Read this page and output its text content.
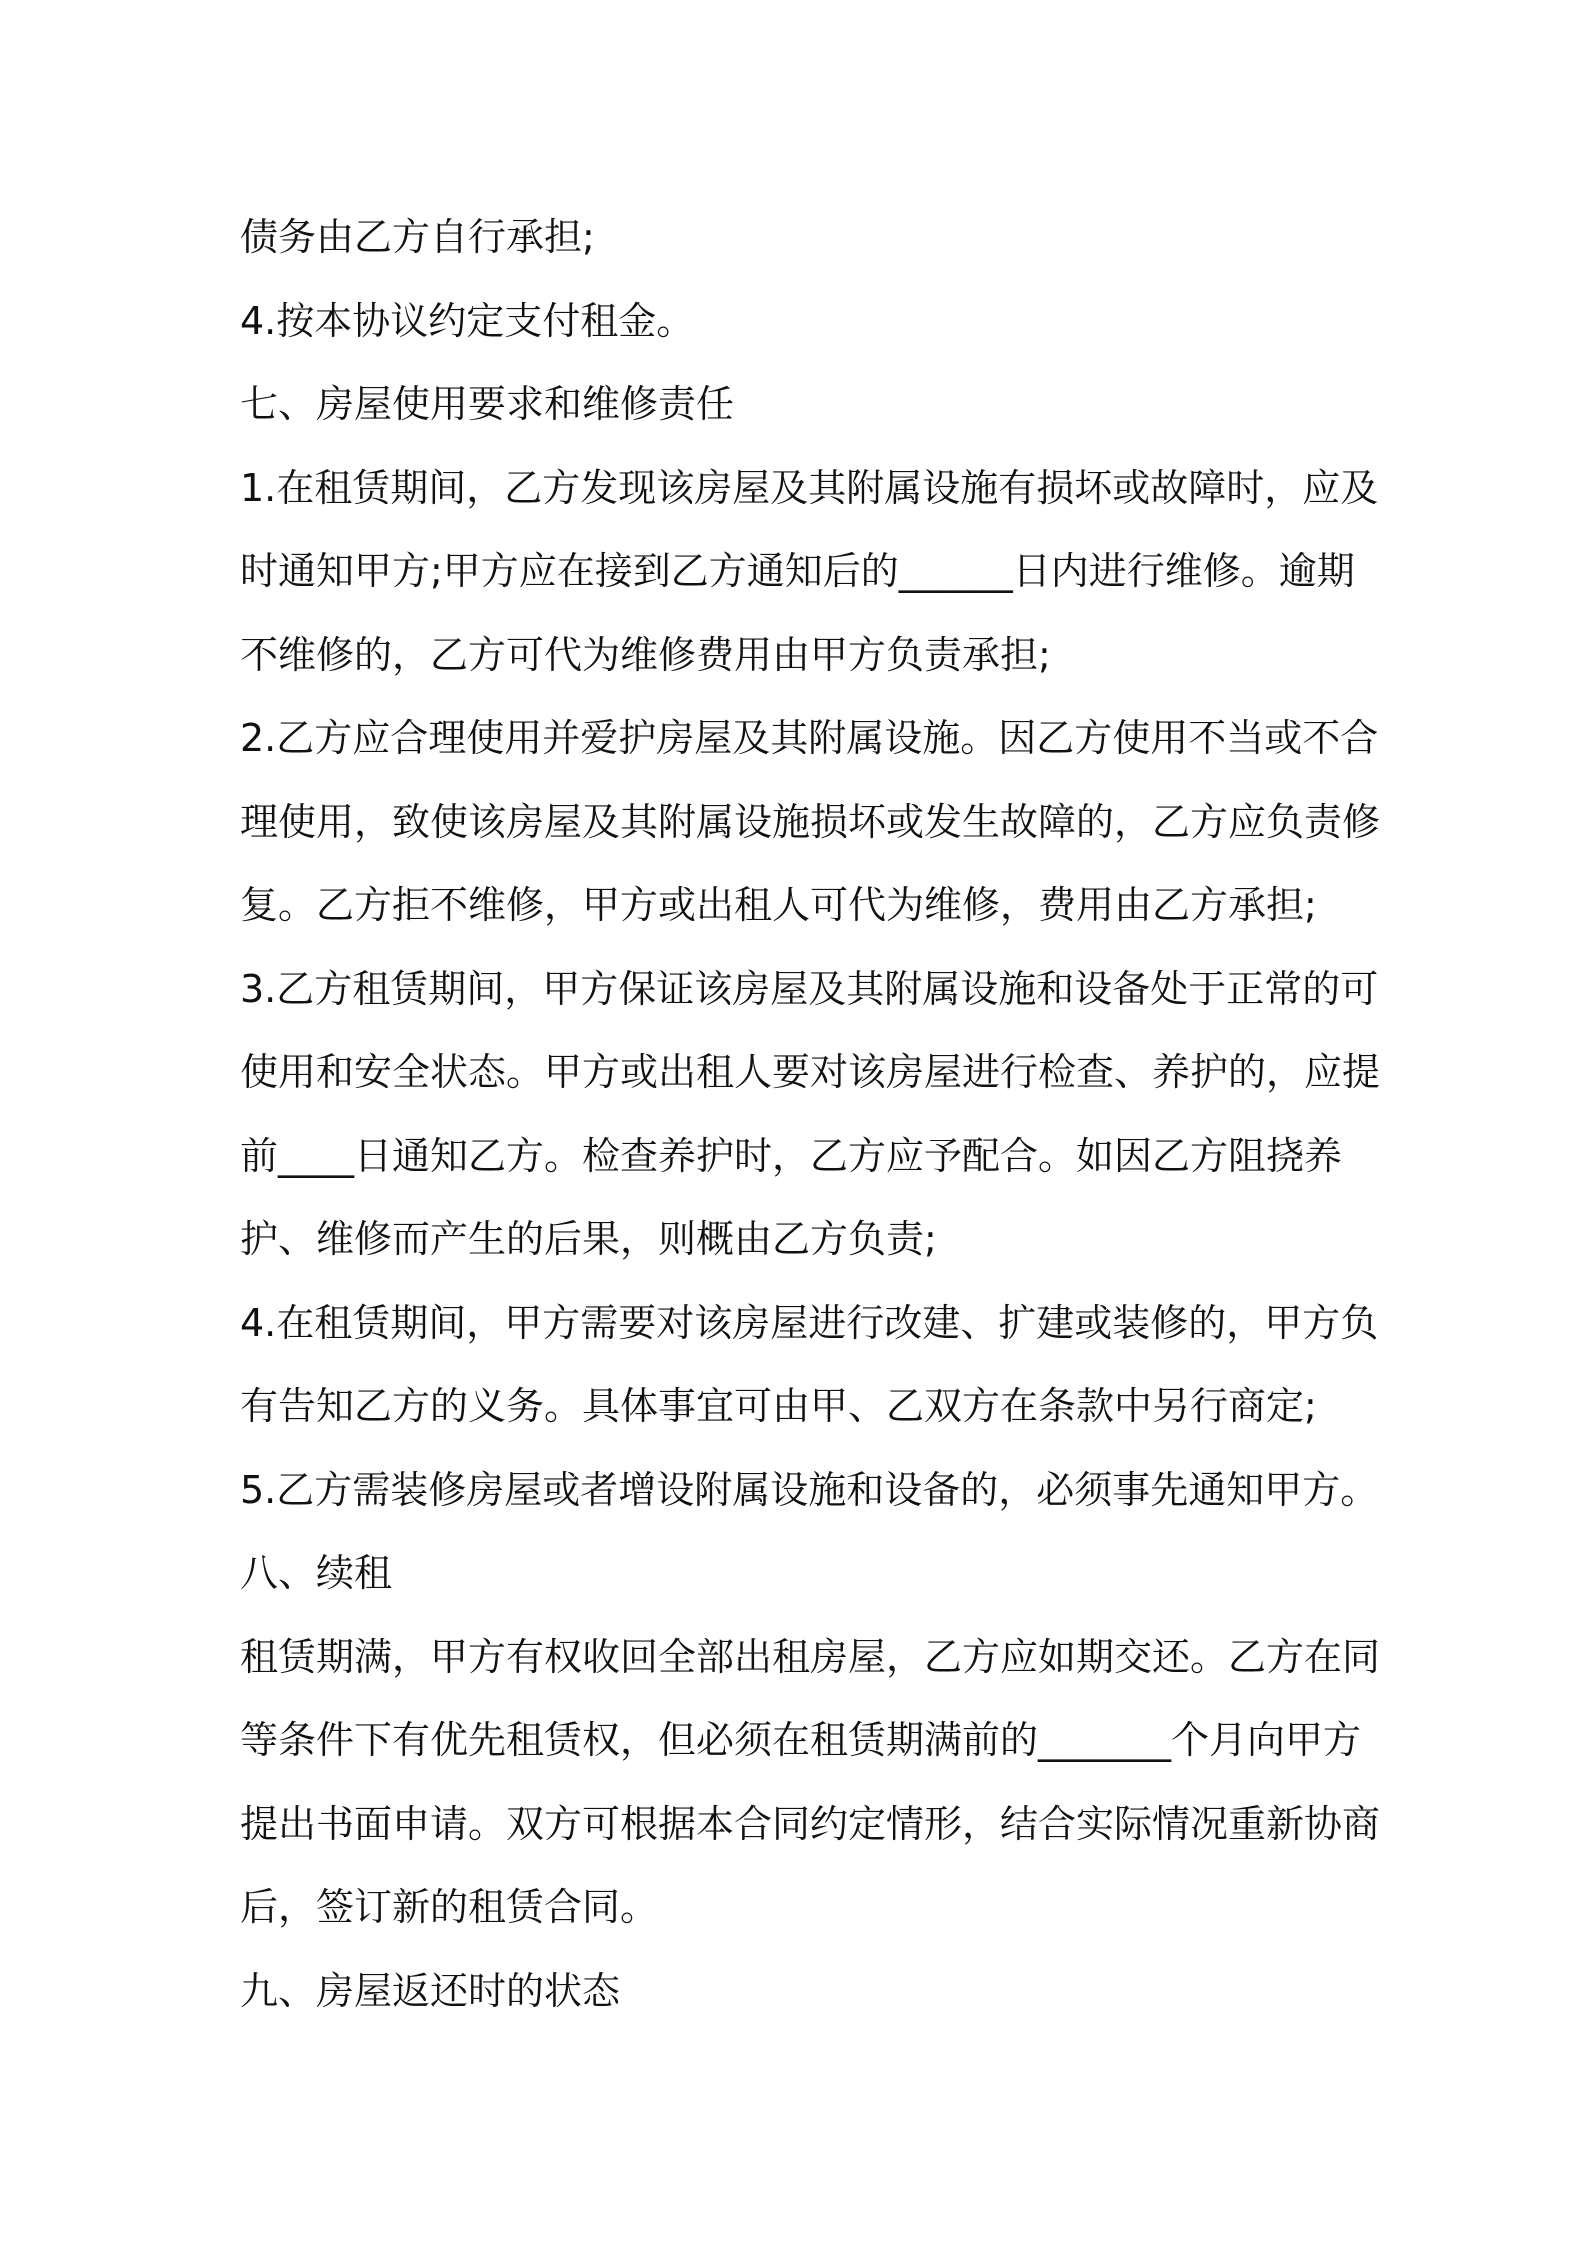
债务由乙方自行承担;
4.按本协议约定支付租金。
七、房屋使用要求和维修责任
1.在租赁期间，乙方发现该房屋及其附属设施有损坏或故障时，应及
时通知甲方;甲方应在接到乙方通知后的______日内进行维修。逾期
不维修的，乙方可代为维修费用由甲方负责承担;
2.乙方应合理使用并爱护房屋及其附属设施。因乙方使用不当或不合
理使用，致使该房屋及其附属设施损坏或发生故障的，乙方应负责修
复。乙方拒不维修，甲方或出租人可代为维修，费用由乙方承担;
3.乙方租赁期间，甲方保证该房屋及其附属设施和设备处于正常的可
使用和安全状态。甲方或出租人要对该房屋进行检查、养护的，应提
前____日通知乙方。检查养护时，乙方应予配合。如因乙方阻挠养
护、维修而产生的后果，则概由乙方负责;
4.在租赁期间，甲方需要对该房屋进行改建、扩建或装修的，甲方负
有告知乙方的义务。具体事宜可由甲、乙双方在条款中另行商定;
5.乙方需装修房屋或者增设附属设施和设备的，必须事先通知甲方。
八、续租
租赁期满，甲方有权收回全部出租房屋，乙方应如期交还。乙方在同
等条件下有优先租赁权，但必须在租赁期满前的_______个月向甲方
提出书面申请。双方可根据本合同约定情形，结合实际情况重新协商
后，签订新的租赁合同。
九、房屋返还时的状态
